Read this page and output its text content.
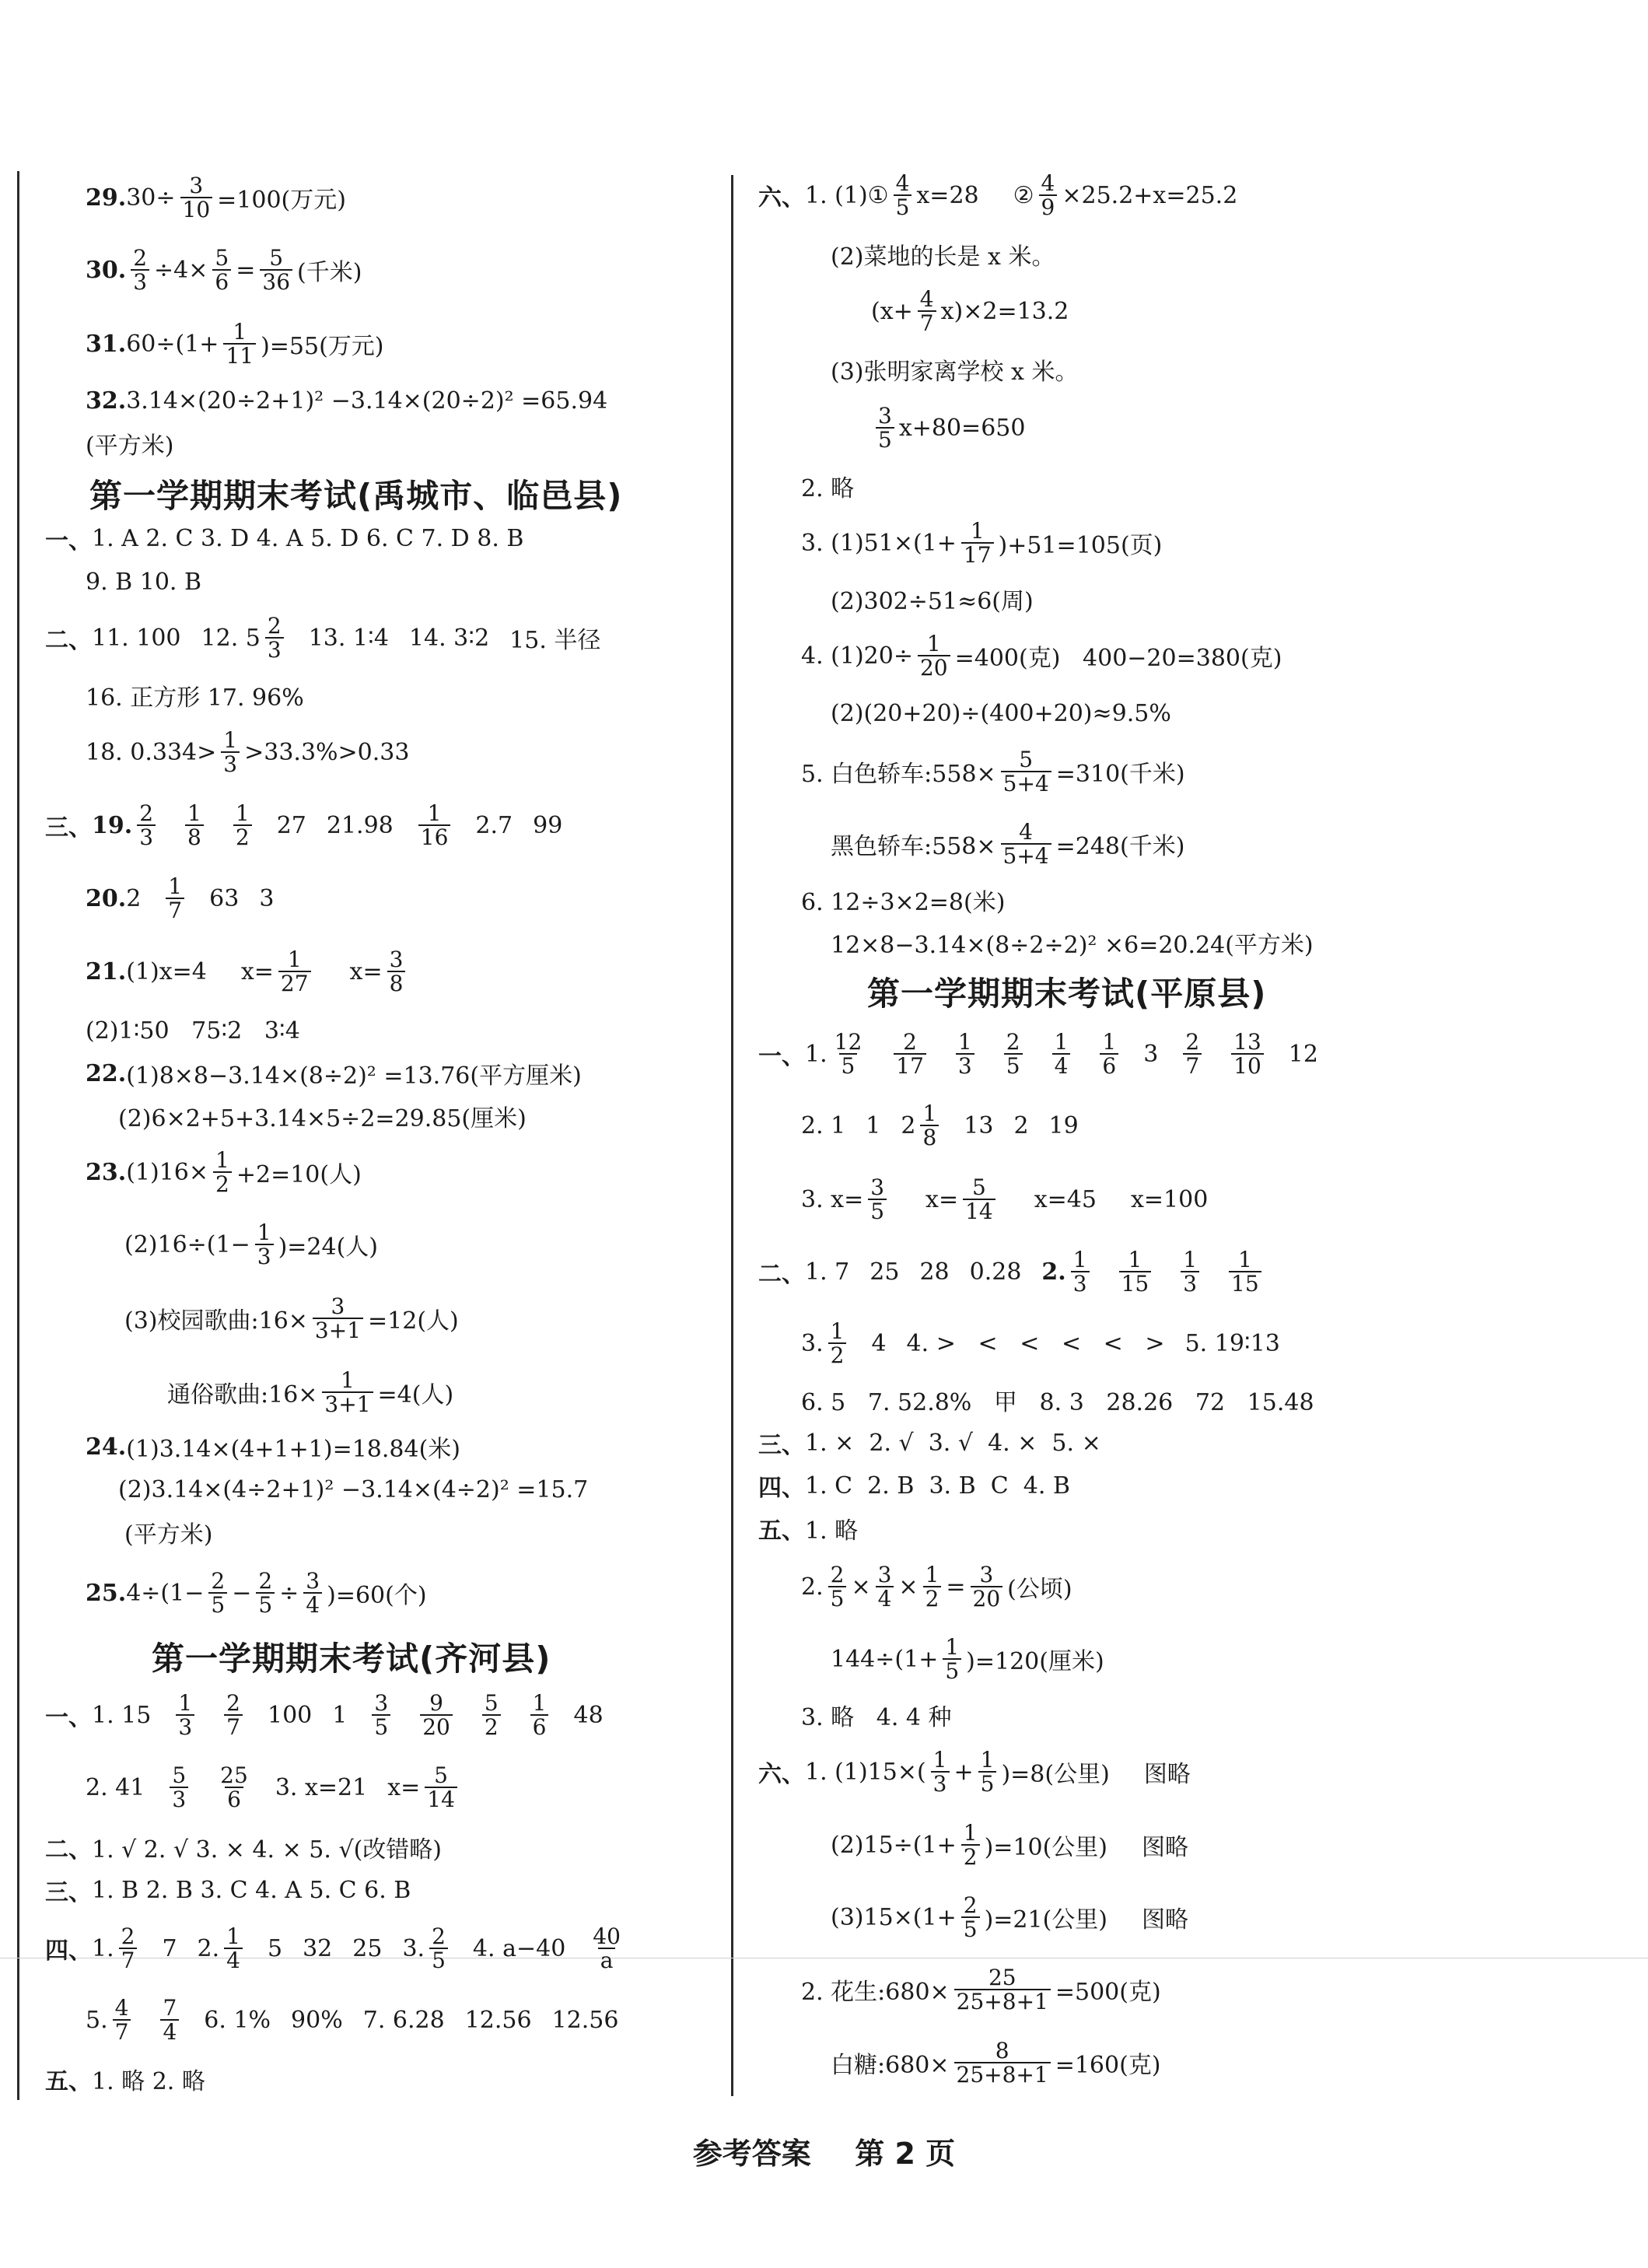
29. $30\div \frac{3}{10} =100$(万元)
30. $\frac{2}{3} \div 4\times \frac{5}{6} = \frac{5}{36}$ (千米)
31. $60\div(1+ \frac{1}{11} )=55$(万元)
32. 3.14×(20÷2+1)² −3.14×(20÷2)² =65.94
(平方米)
第一学期期末考试(禹城市、临邑县)
一、 1. A 2. C 3. D 4. A 5. D 6. C 7. D 8. B
9. B 10. B
二、 11. 100 12. $5 \frac{2}{3} 13$. 1∶4 14. 3∶2 15. 半径
16. 正方形 17. 96%
18. $0.334> \frac{1}{3} >33.3\%>0.33$
三、 19. $\frac{2}{3} \frac{1}{8} \frac{1}{2} 27$ $21.98 \frac{1}{16} 2.7$ 99
20. $2 \frac{1}{7} 63$ 3
21. (1)x=4 $x= \frac{1}{27} x= \frac{3}{8}$
(2)1∶50   75∶2   3∶4
22. (1)8×8−3.14×(8÷2)² =13.76(平方厘米)
(2)6×2+5+3.14×5÷2=29.85(厘米)
23. $(1)16\times \frac{1}{2} +2=10$(人)
$(2)16\div(1- \frac{1}{3} )=24$(人)
(3)校园歌曲:16× $\frac{3}{3+1} =12$(人)
通俗歌曲:16× $\frac{1}{3+1} =4$(人)
24. (1)3.14×(4+1+1)=18.84(米)
(2)3.14×(4÷2+1)² −3.14×(4÷2)² =15.7
(平方米)
25. $4\div(1- \frac{2}{5} - \frac{2}{5} \div \frac{3}{4} )=60$(个)
第一学期期末考试(齐河县)
一、 1. $15 \frac{1}{3} \frac{2}{7} 100$ $1 \frac{3}{5} \frac{9}{20} \frac{5}{2} \frac{1}{6} 48$
2. $41 \frac{5}{3} \frac{25}{6} 3$. x=21 $x= \frac{5}{14}$
二、 1. √ 2. √ 3. × 4. × 5. √(改错略)
三、 1. B 2. B 3. C 4. A 5. C 6. B
四、 1. $\frac{2}{7} 7$ 2. $\frac{1}{4} 5$ 32 25 3. $\frac{2}{5} 4$. $a-40 \frac{40}{a}$
5. $\frac{4}{7} \frac{7}{4} 6$. 1% 90% 7. 6.28 12.56 12.56
五、 1. 略 2. 略
六、 1. (1)① $\frac{4}{5} x=28$ ② $\frac{4}{9} \times 25.2+x=25.2$
(2)菜地的长是 x 米。
$(x+ \frac{4}{7} x)\times 2=13.2$
(3)张明家离学校 x 米。
$\frac{3}{5} x+80=650$
2. 略
3. $(1)51\times(1+ \frac{1}{17} )+51=105$(页)
(2)302÷51≈6(周)
4. $(1)20\div \frac{1}{20} =400$(克)   400−20=380(克)
(2)(20+20)÷(400+20)≈9.5%
5. 白色轿车:558× $\frac{5}{5+4} =310$(千米)
黑色轿车:558× $\frac{4}{5+4} =248$(千米)
6. 12÷3×2=8(米)
12×8−3.14×(8÷2÷2)² ×6=20.24(平方米)
第一学期期末考试(平原县)
一、 1. $\frac{12}{5} \frac{2}{17} \frac{1}{3} \frac{2}{5} \frac{1}{4} \frac{1}{6} 3 \frac{2}{7} \frac{13}{10} 12$
2. 1 1 $2 \frac{1}{8} 13$ 2 19
3. $x= \frac{3}{5} x= \frac{5}{14} x=45$ x=100
二、 1. 7 25 28 0.28 2. $\frac{1}{3} \frac{1}{15} \frac{1}{3} \frac{1}{15}$
3. $\frac{1}{2} 4$ 4. >   <   <   <   <   > 5. 19∶13
6. 5   7. 52.8%   甲   8. 3   28.26   72   15.48
三、 1. ×  2. √  3. √  4. ×  5. ×
四、 1. C  2. B  3. B  C  4. B
五、 1. 略
2. $\frac{2}{5} \times \frac{3}{4} \times \frac{1}{2} = \frac{3}{20}$ (公顷)
$144\div(1+ \frac{1}{5} )=120$(厘米)
3. 略   4. 4 种
六、 1. $(1)15\times( \frac{1}{3} + \frac{1}{5} )=8$(公里) 图略
$(2)15\div(1+ \frac{1}{2} )=10$(公里) 图略
$(3)15\times(1+ \frac{2}{5} )=21$(公里) 图略
2. 花生:680× $\frac{25}{25+8+1} =500$(克)
白糖:680× $\frac{8}{25+8+1} =160$(克)
参考答案 第 2 页
